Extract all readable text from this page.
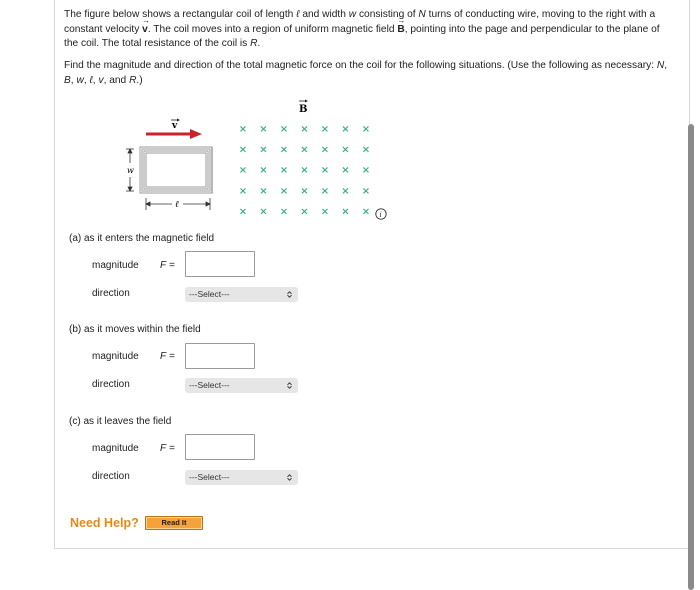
The figure below shows a rectangular coil of length ℓ and width w consisting of N turns of conducting wire, moving to the right with a constant velocity → v. The coil moves into a region of uniform magnetic field → B, pointing into the page and perpendicular to the plane of the coil. The total resistance of the coil is R.

Find the magnitude and direction of the total magnetic force on the coil for the following situations. (Use the following as necessary: N, B, w, ℓ, v, and R.)

v
w
ℓ
B
× × × × × × ×
× × × × × × ×
× × × × × × ×
× × × × × × ×
× × × × × × × i
(a) as it enters the magnetic field
magnitude F =
direction	---Select---
(b) as it moves within the field
magnitude F =
direction	---Select---
(c) as it leaves the field
magnitude F =
direction	---Select---
Need Help?	Read It
